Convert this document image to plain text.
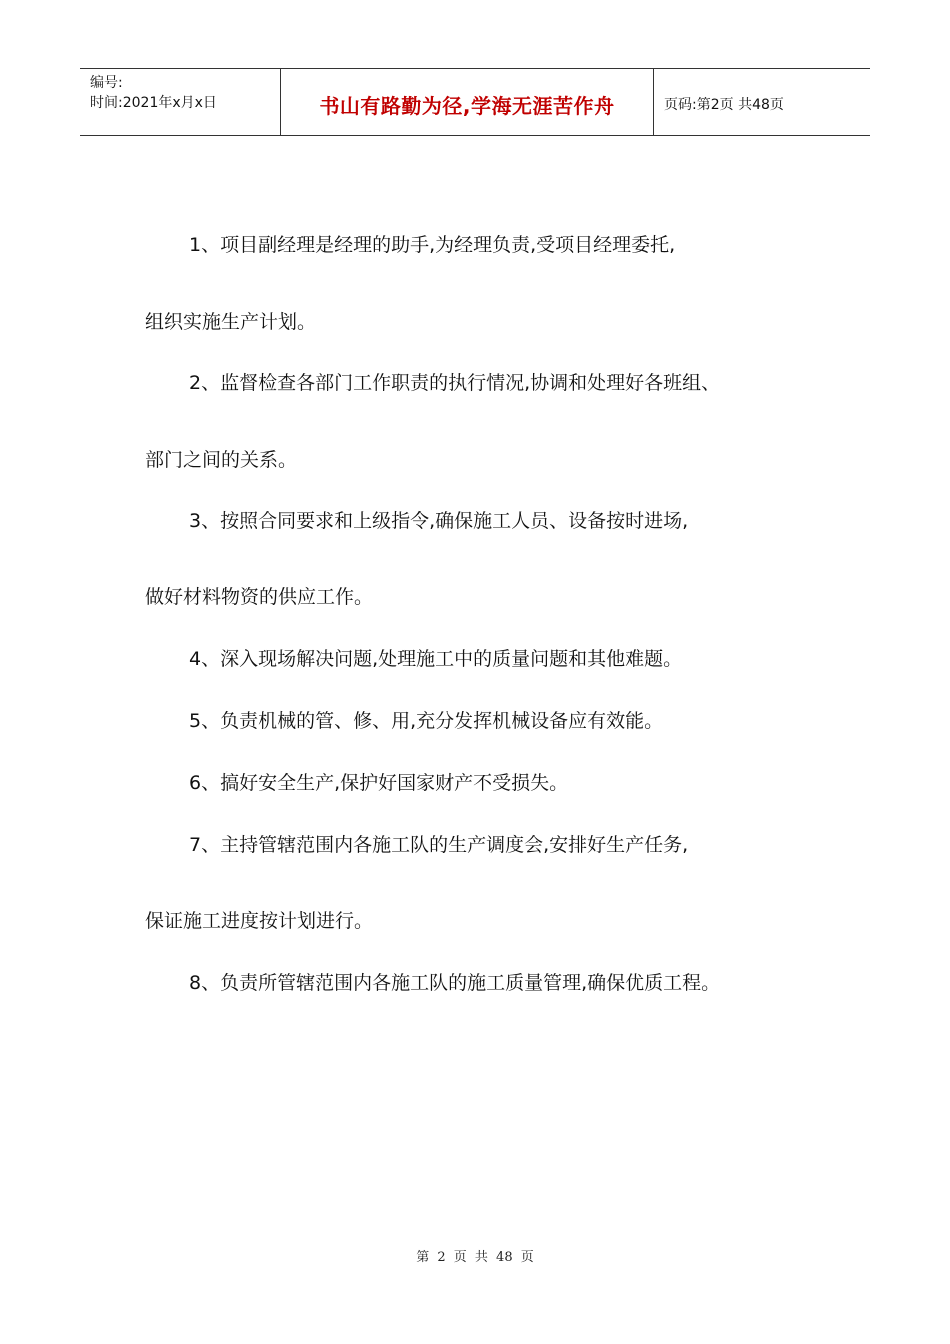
编号:
时间:2021年x月x日	书山有路勤为径,学海无涯苦作舟	页码:第2页 共48页
1、项目副经理是经理的助手,为经理负责,受项目经理委托,
组织实施生产计划。
2、监督检查各部门工作职责的执行情况,协调和处理好各班组、
部门之间的关系。
3、按照合同要求和上级指令,确保施工人员、设备按时进场,
做好材料物资的供应工作。
4、深入现场解决问题,处理施工中的质量问题和其他难题。
5、负责机械的管、修、用,充分发挥机械设备应有效能。
6、搞好安全生产,保护好国家财产不受损失。
7、主持管辖范围内各施工队的生产调度会,安排好生产任务,
保证施工进度按计划进行。
8、负责所管辖范围内各施工队的施工质量管理,确保优质工程。
第 2 页 共 48 页
